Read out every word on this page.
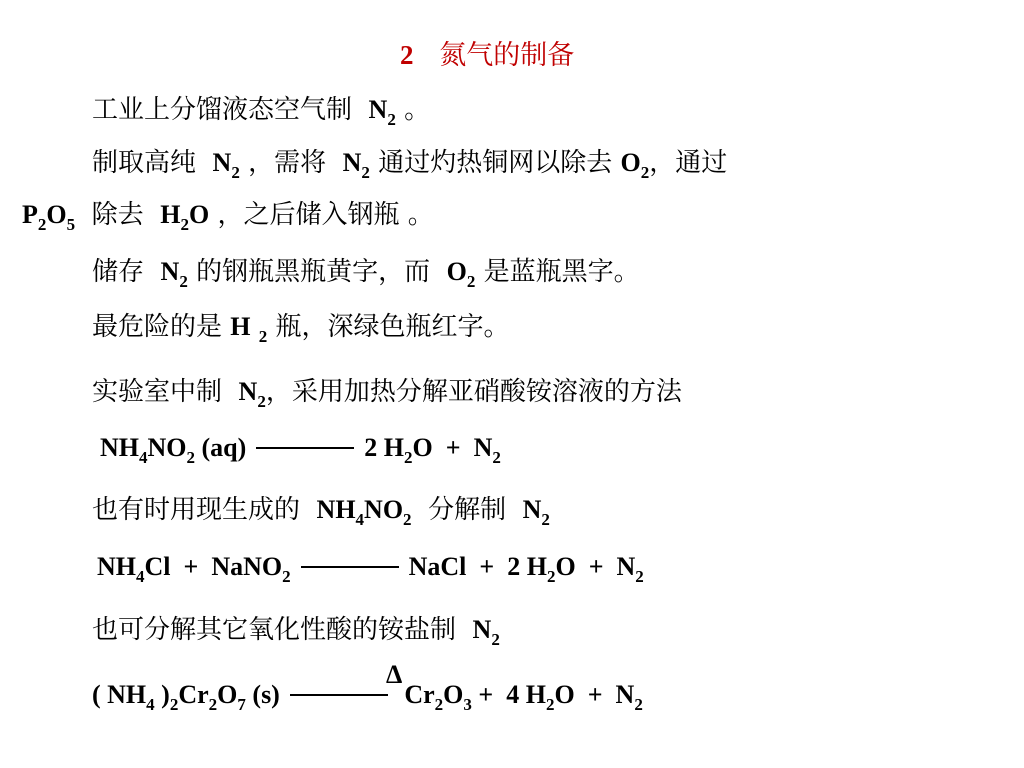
2 氮气的制备
工业上分馏液态空气制 $N_2$ 。
制取高纯 $N_2$ ，需将 $N_2$ 通过灼热铜网以除去 $O_2$，通过
$P_2O_5$ 除去 $H_2O$ ，之后储入钢瓶 。
储存 $N_2$ 的钢瓶黑瓶黄字，而 $O_2$ 是蓝瓶黑字。
最危险的是 H $_2$ 瓶，深绿色瓶红字。
实验室中制 $N_2$，采用加热分解亚硝酸铵溶液的方法
$NH_4NO_2$ (aq)	2 $H_2O + N_2$
也有时用现生成的 $NH_4NO_2$ 分解制 $N_2$
$NH_4Cl$ + NaNO$_2$	NaCl + 2 $H_2O + N_2$
也可分解其它氧化性酸的铵盐制 $N_2$
Δ
( $NH_4$ )$_2Cr_2O_7$ (s)	$Cr_2O_3 + 4$ $H_2O + N_2$
